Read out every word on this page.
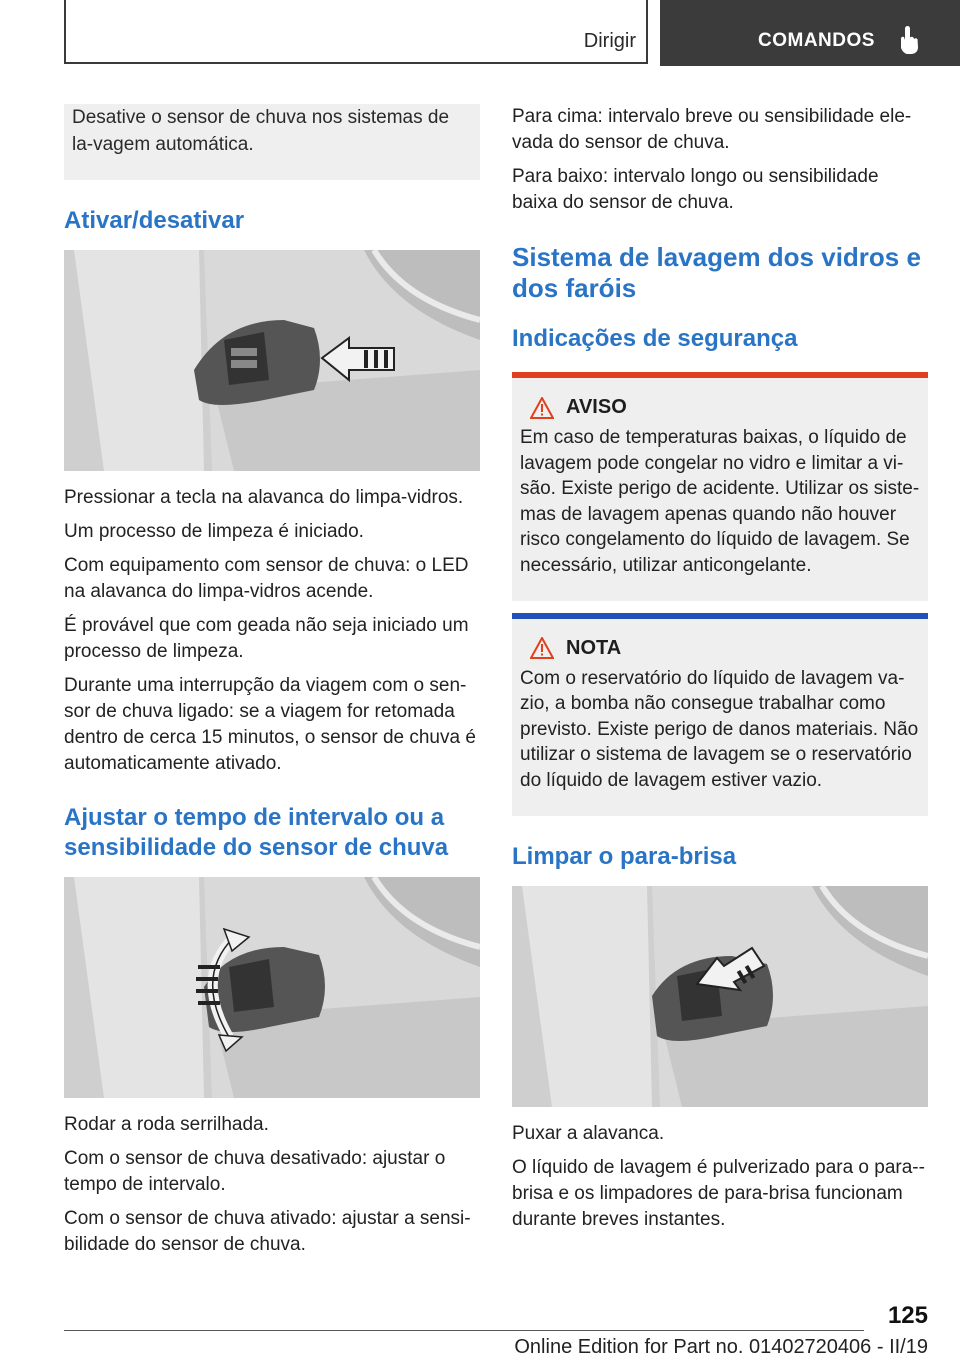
Dirigir	COMANDOS
Desative o sensor de chuva nos sistemas de la‐vagem automática.
Ativar/desativar

Pressionar a tecla na alavanca do limpa-vidros.

Um processo de limpeza é iniciado.

Com equipamento com sensor de chuva: o LED na alavanca do limpa-vidros acende.

É provável que com geada não seja iniciado um processo de limpeza.

Durante uma interrupção da viagem com o sen‐sor de chuva ligado: se a viagem for retomada dentro de cerca 15 minutos, o sensor de chuva é automaticamente ativado.

Ajustar o tempo de intervalo ou a sensibilidade do sensor de chuva

Rodar a roda serrilhada.

Com o sensor de chuva desativado: ajustar o tempo de intervalo.

Com o sensor de chuva ativado: ajustar a sensi‐bilidade do sensor de chuva.

Para cima: intervalo breve ou sensibilidade ele‐vada do sensor de chuva.

Para baixo: intervalo longo ou sensibilidade baixa do sensor de chuva.

Sistema de lavagem dos vidros e dos faróis
Indicações de segurança
AVISO

Em caso de temperaturas baixas, o líquido de lavagem pode congelar no vidro e limitar a vi‐são. Existe perigo de acidente. Utilizar os siste‐mas de lavagem apenas quando não houver risco congelamento do líquido de lavagem. Se necessário, utilizar anticongelante.

NOTA

Com o reservatório do líquido de lavagem va‐zio, a bomba não consegue trabalhar como previsto. Existe perigo de danos materiais. Não utilizar o sistema de lavagem se o reservatório do líquido de lavagem estiver vazio.

Limpar o para-brisa

Puxar a alavanca.

O líquido de lavagem é pulverizado para o para‐-brisa e os limpadores de para-brisa funcionam durante breves instantes.

125
Online Edition for Part no. 01402720406 - II/19
